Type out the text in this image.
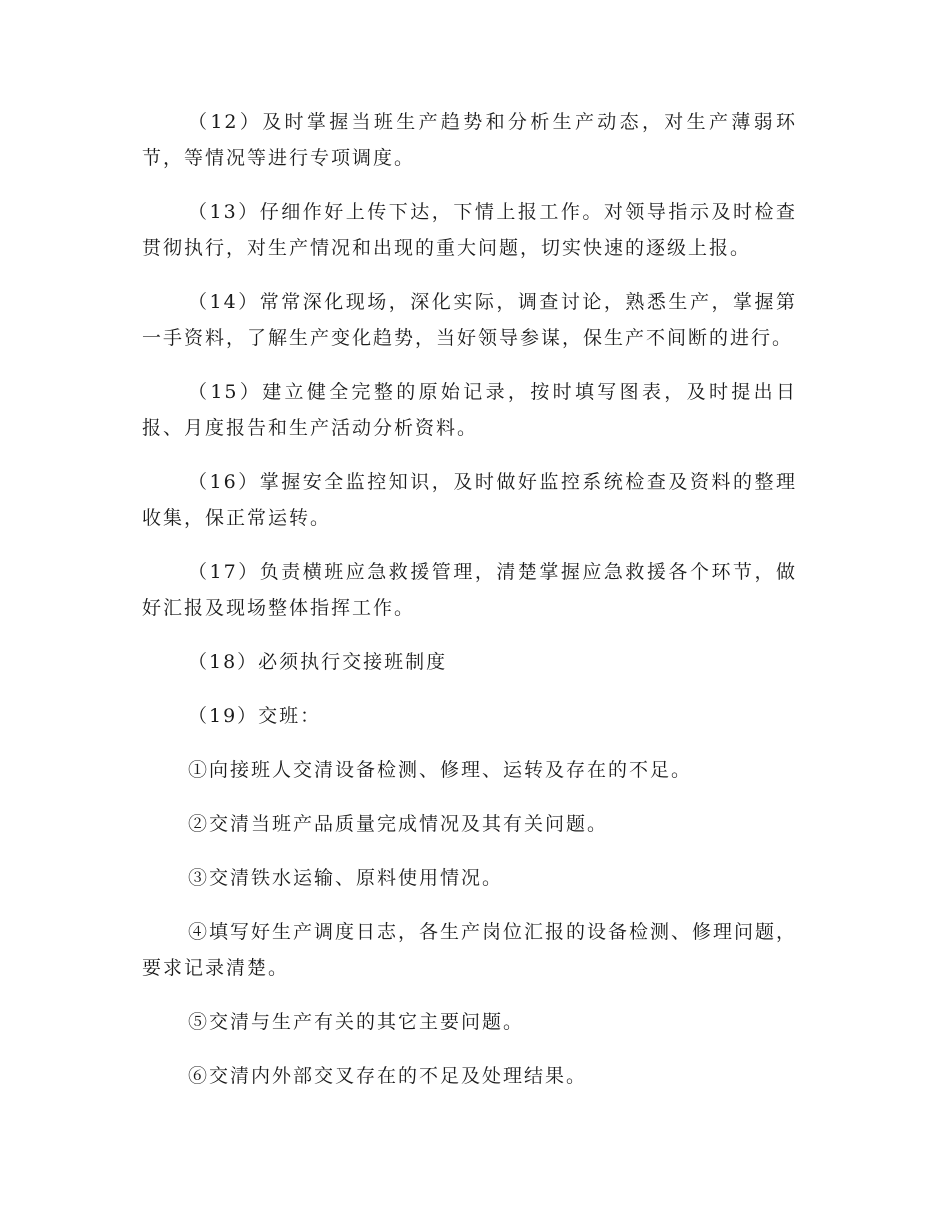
（12）及时掌握当班生产趋势和分析生产动态，对生产薄弱环节，等情况等进行专项调度。

（13）仔细作好上传下达，下情上报工作。对领导指示及时检查贯彻执行，对生产情况和出现的重大问题，切实快速的逐级上报。

（14）常常深化现场，深化实际，调查讨论，熟悉生产，掌握第一手资料，了解生产变化趋势，当好领导参谋，保生产不间断的进行。

（15）建立健全完整的原始记录，按时填写图表，及时提出日报、月度报告和生产活动分析资料。

（16）掌握安全监控知识，及时做好监控系统检查及资料的整理收集，保正常运转。

（17）负责横班应急救援管理，清楚掌握应急救援各个环节，做好汇报及现场整体指挥工作。

（18）必须执行交接班制度

（19）交班：

①向接班人交清设备检测、修理、运转及存在的不足。

②交清当班产品质量完成情况及其有关问题。

③交清铁水运输、原料使用情况。

④填写好生产调度日志，各生产岗位汇报的设备检测、修理问题，要求记录清楚。

⑤交清与生产有关的其它主要问题。

⑥交清内外部交叉存在的不足及处理结果。
